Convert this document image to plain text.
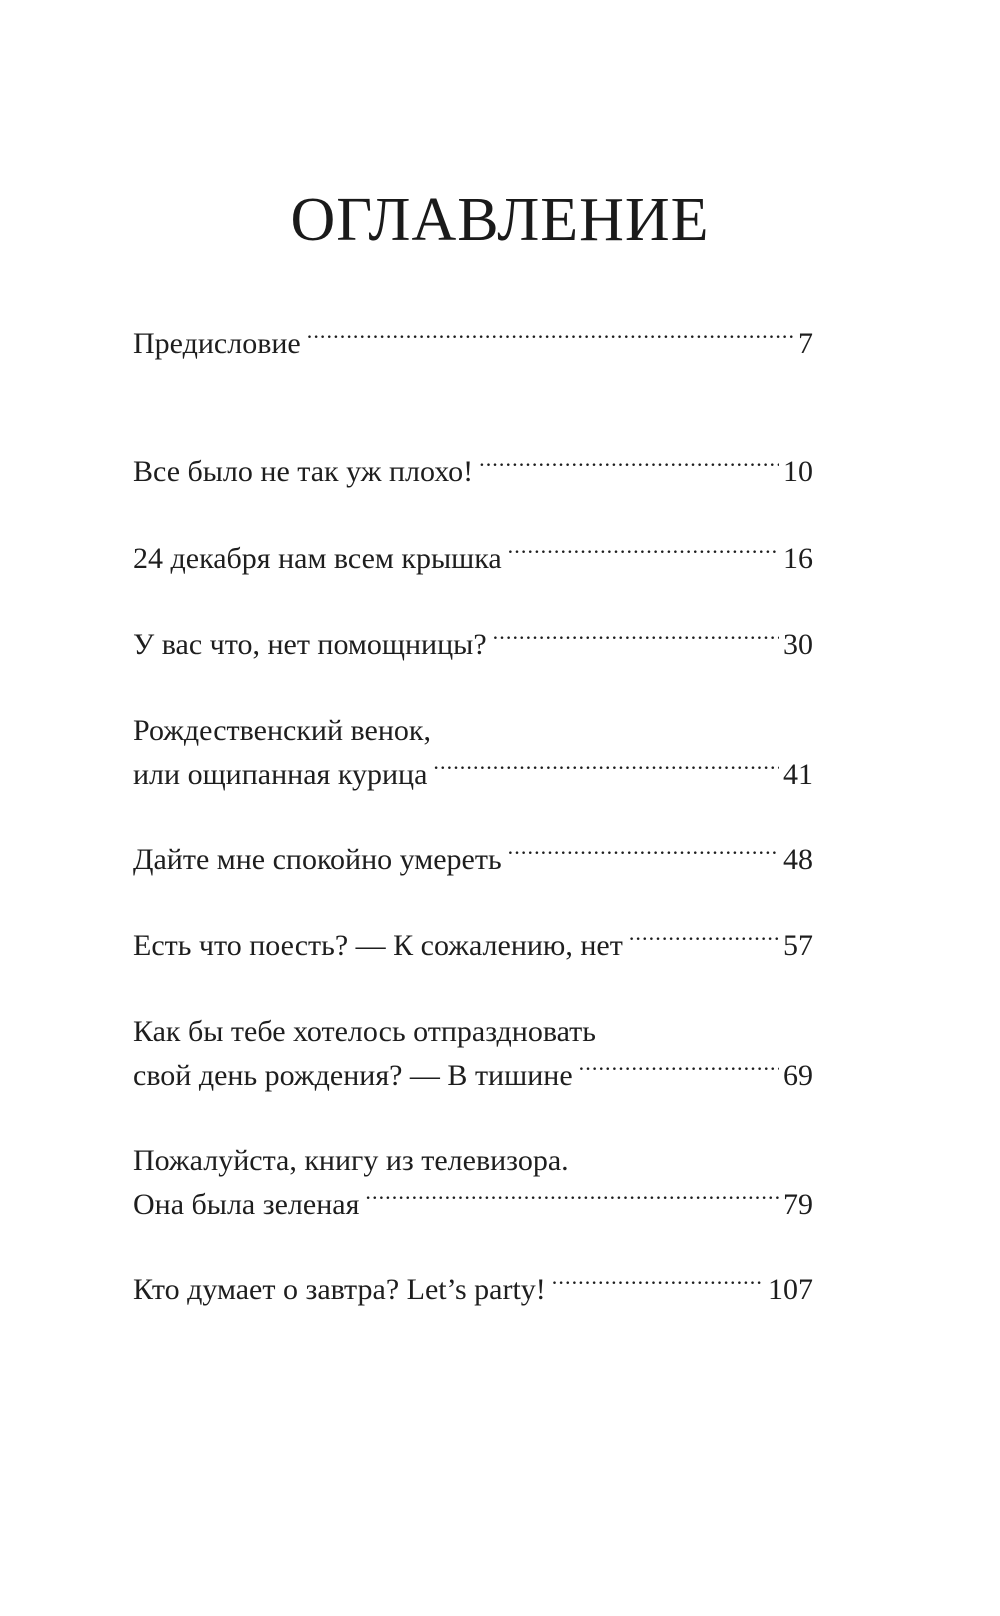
ОГЛАВЛЕНИЕ
Предисловие . . .	7
Все было не так уж плохо! . . .	10
24 декабря нам всем крышка . . .	16
У вас что, нет помощницы? . . .	30
Рождественский венок,
или ощипанная курица . . .	41
Дайте мне спокойно умереть . . .	48
Есть что поесть? — К сожалению, нет . . .	57
Как бы тебе хотелось отпраздновать
свой день рождения? — В тишине . . .	69
Пожалуйста, книгу из телевизора.
Она была зеленая . . .	79
Кто думает о завтра? Let’s party! . . .	107
